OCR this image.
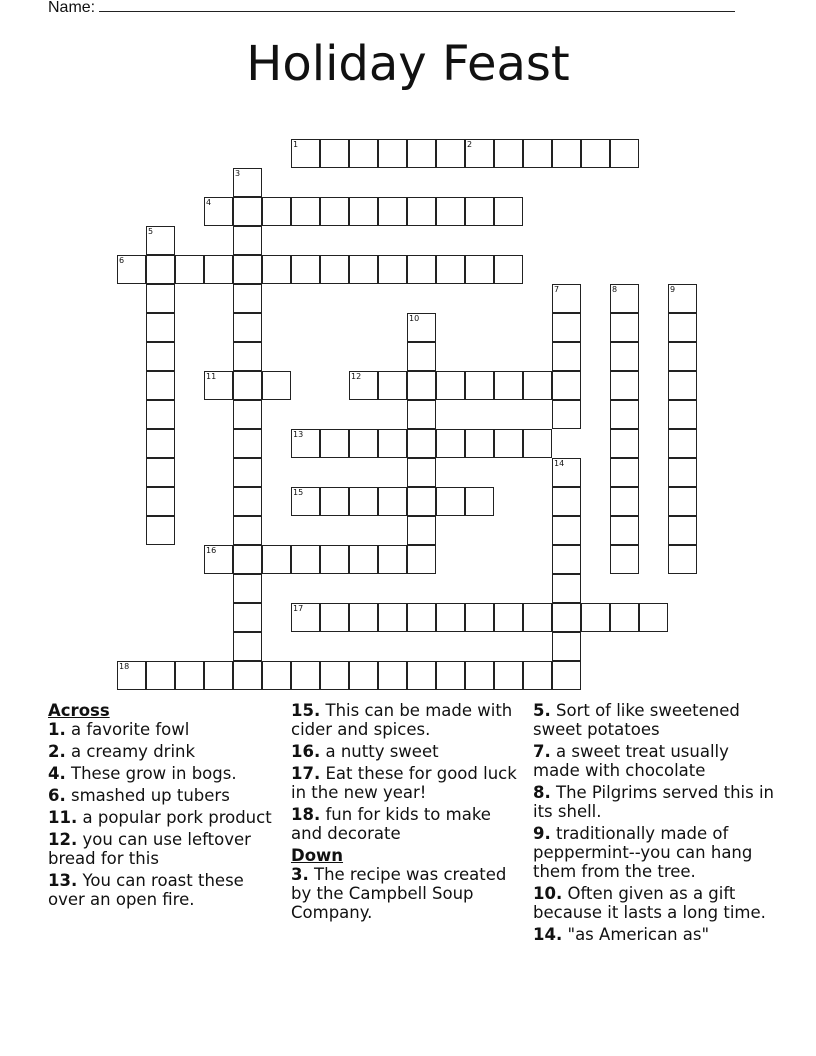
Name:
Holiday Feast
1	2
3
4
5
6
7	8	9
10
11	12
13
14
15
16
17
18
Across
1. a favorite fowl
2. a creamy drink
4. These grow in bogs.
6. smashed up tubers
11. a popular pork product
12. you can use leftover bread for this
13. You can roast these over an open fire.
15. This can be made with cider and spices.
16. a nutty sweet
17. Eat these for good luck in the new year!
18. fun for kids to make and decorate
Down
3. The recipe was created by the Campbell Soup Company.
5. Sort of like sweetened sweet potatoes
7. a sweet treat usually made with chocolate
8. The Pilgrims served this in its shell.
9. traditionally made of peppermint--you can hang them from the tree.
10. Often given as a gift because it lasts a long time.
14. "as American as"
